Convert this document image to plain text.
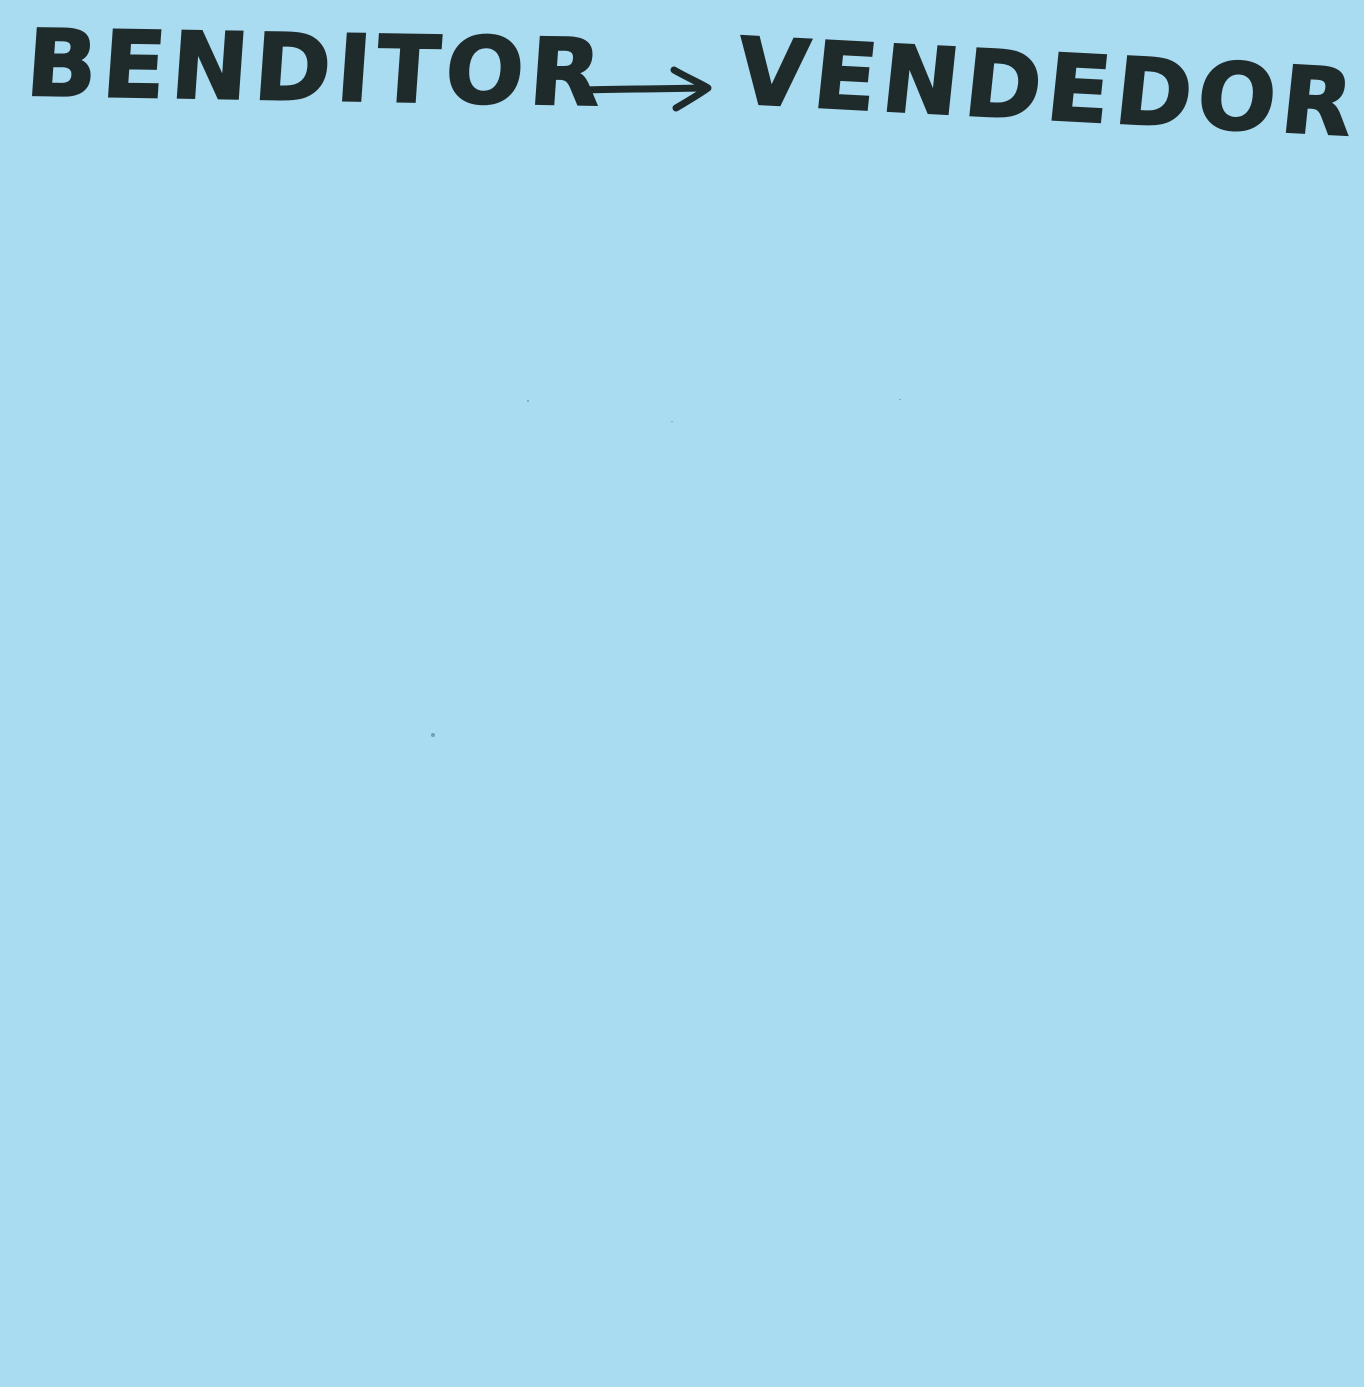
BENDITOR VENDEDOR
